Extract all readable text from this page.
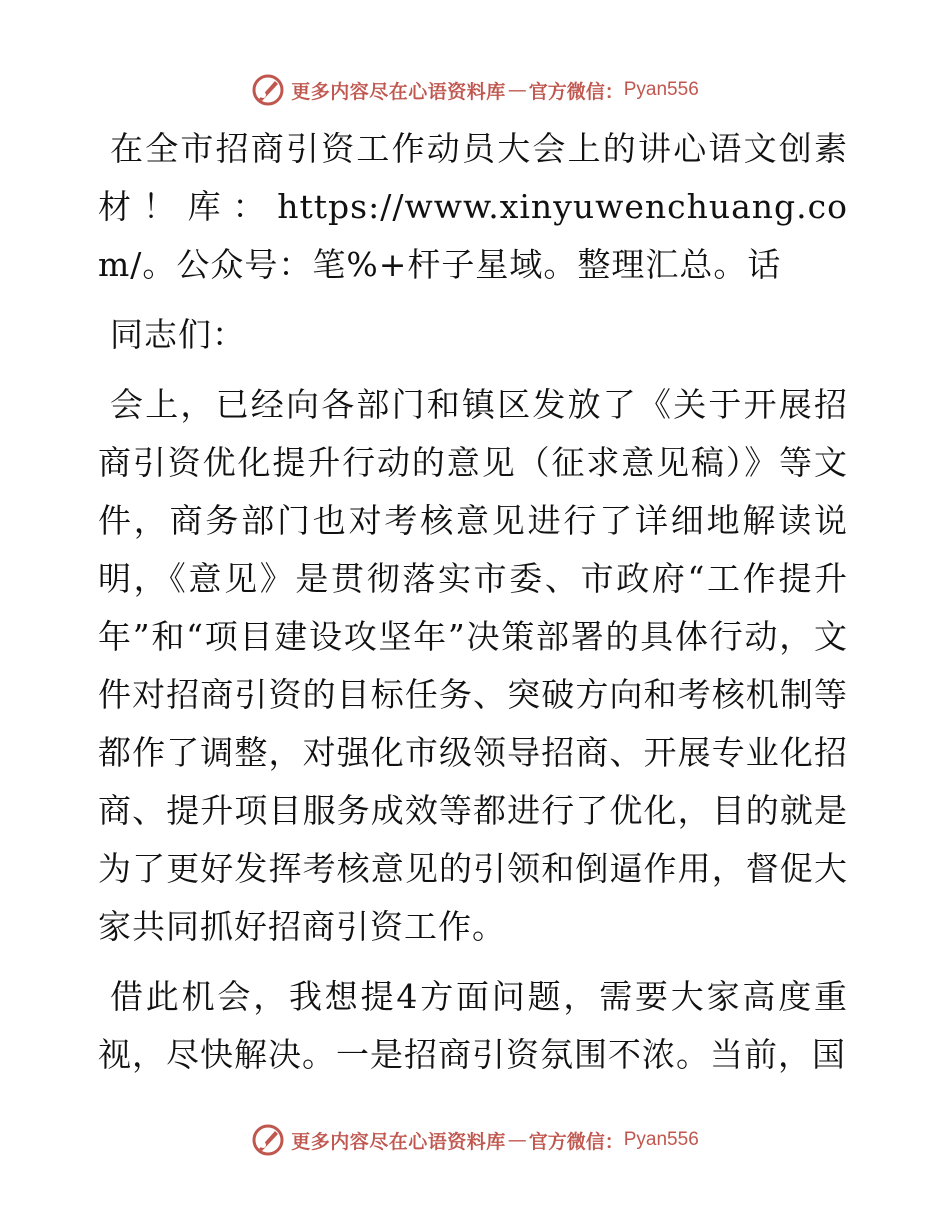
更多内容尽在心语资料库 — 官方微信： Pyan556

在全市招商引资工作动员大会上的讲心语文创素材！库：https://www.xinyuwenchuang.com/。公众号：笔%+杆子星域。整理汇总。话

同志们：

会上，已经向各部门和镇区发放了《关于开展招商引资优化提升行动的意见（征求意见稿）》等文件，商务部门也对考核意见进行了详细地解读说明，《意见》是贯彻落实市委、市政府“工作提升年”和“项目建设攻坚年”决策部署的具体行动，文件对招商引资的目标任务、突破方向和考核机制等都作了调整，对强化市级领导招商、开展专业化招商、提升项目服务成效等都进行了优化，目的就是为了更好发挥考核意见的引领和倒逼作用，督促大家共同抓好招商引资工作。

借此机会，我想提4方面问题，需要大家高度重视，尽快解决。一是招商引资氛围不浓。当前，国

更多内容尽在心语资料库 — 官方微信： Pyan556
